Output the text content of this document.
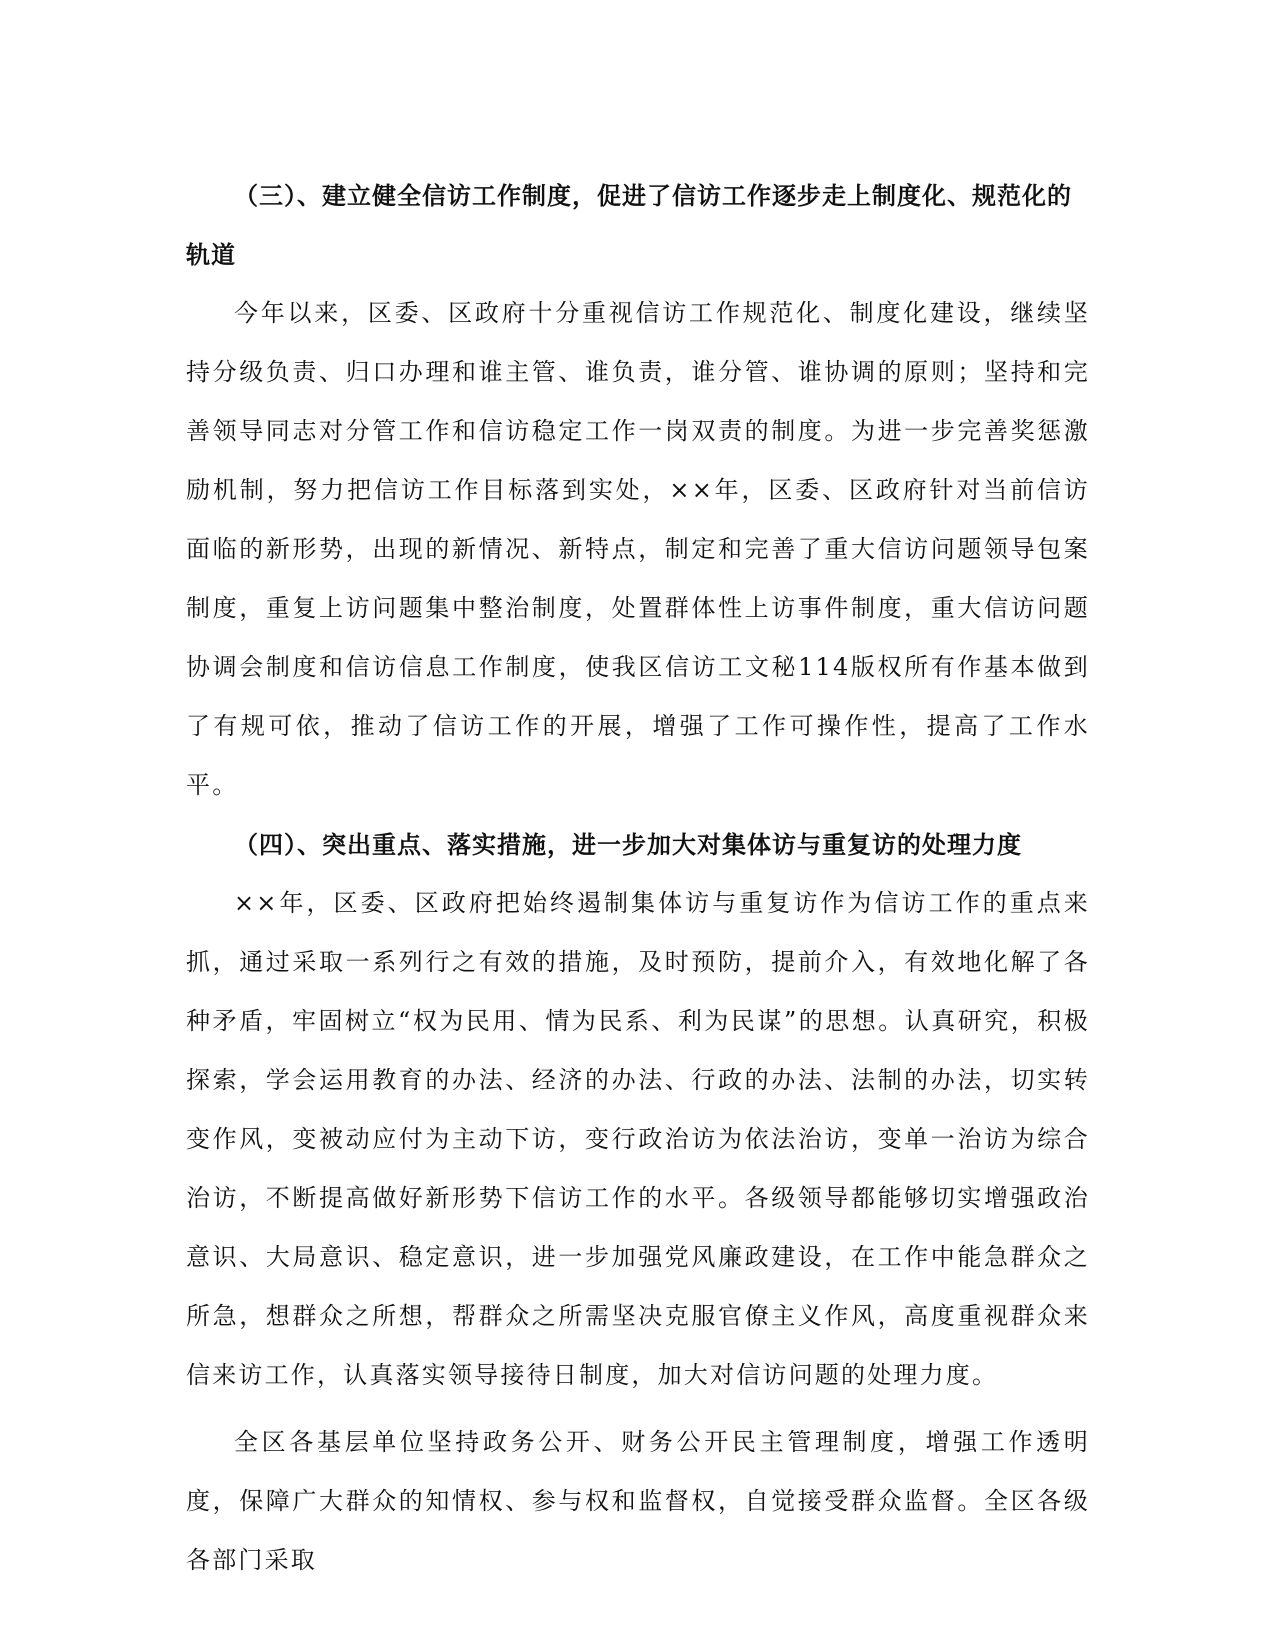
（三）、建立健全信访工作制度，促进了信访工作逐步走上制度化、规范化的轨道

今年以来，区委、区政府十分重视信访工作规范化、制度化建设，继续坚持分级负责、归口办理和谁主管、谁负责，谁分管、谁协调的原则；坚持和完善领导同志对分管工作和信访稳定工作一岗双责的制度。为进一步完善奖惩激励机制，努力把信访工作目标落到实处，××年，区委、区政府针对当前信访面临的新形势，出现的新情况、新特点，制定和完善了重大信访问题领导包案制度，重复上访问题集中整治制度，处置群体性上访事件制度，重大信访问题协调会制度和信访信息工作制度，使我区信访工文秘114版权所有作基本做到了有规可依，推动了信访工作的开展，增强了工作可操作性，提高了工作水平。

（四）、突出重点、落实措施，进一步加大对集体访与重复访的处理力度

××年，区委、区政府把始终遏制集体访与重复访作为信访工作的重点来抓，通过采取一系列行之有效的措施，及时预防，提前介入，有效地化解了各种矛盾，牢固树立“权为民用、情为民系、利为民谋”的思想。认真研究，积极探索，学会运用教育的办法、经济的办法、行政的办法、法制的办法，切实转变作风，变被动应付为主动下访，变行政治访为依法治访，变单一治访为综合治访，不断提高做好新形势下信访工作的水平。各级领导都能够切实增强政治意识、大局意识、稳定意识，进一步加强党风廉政建设，在工作中能急群众之所急，想群众之所想，帮群众之所需坚决克服官僚主义作风，高度重视群众来信来访工作，认真落实领导接待日制度，加大对信访问题的处理力度。

全区各基层单位坚持政务公开、财务公开民主管理制度，增强工作透明度，保障广大群众的知情权、参与权和监督权，自觉接受群众监督。全区各级各部门采取
